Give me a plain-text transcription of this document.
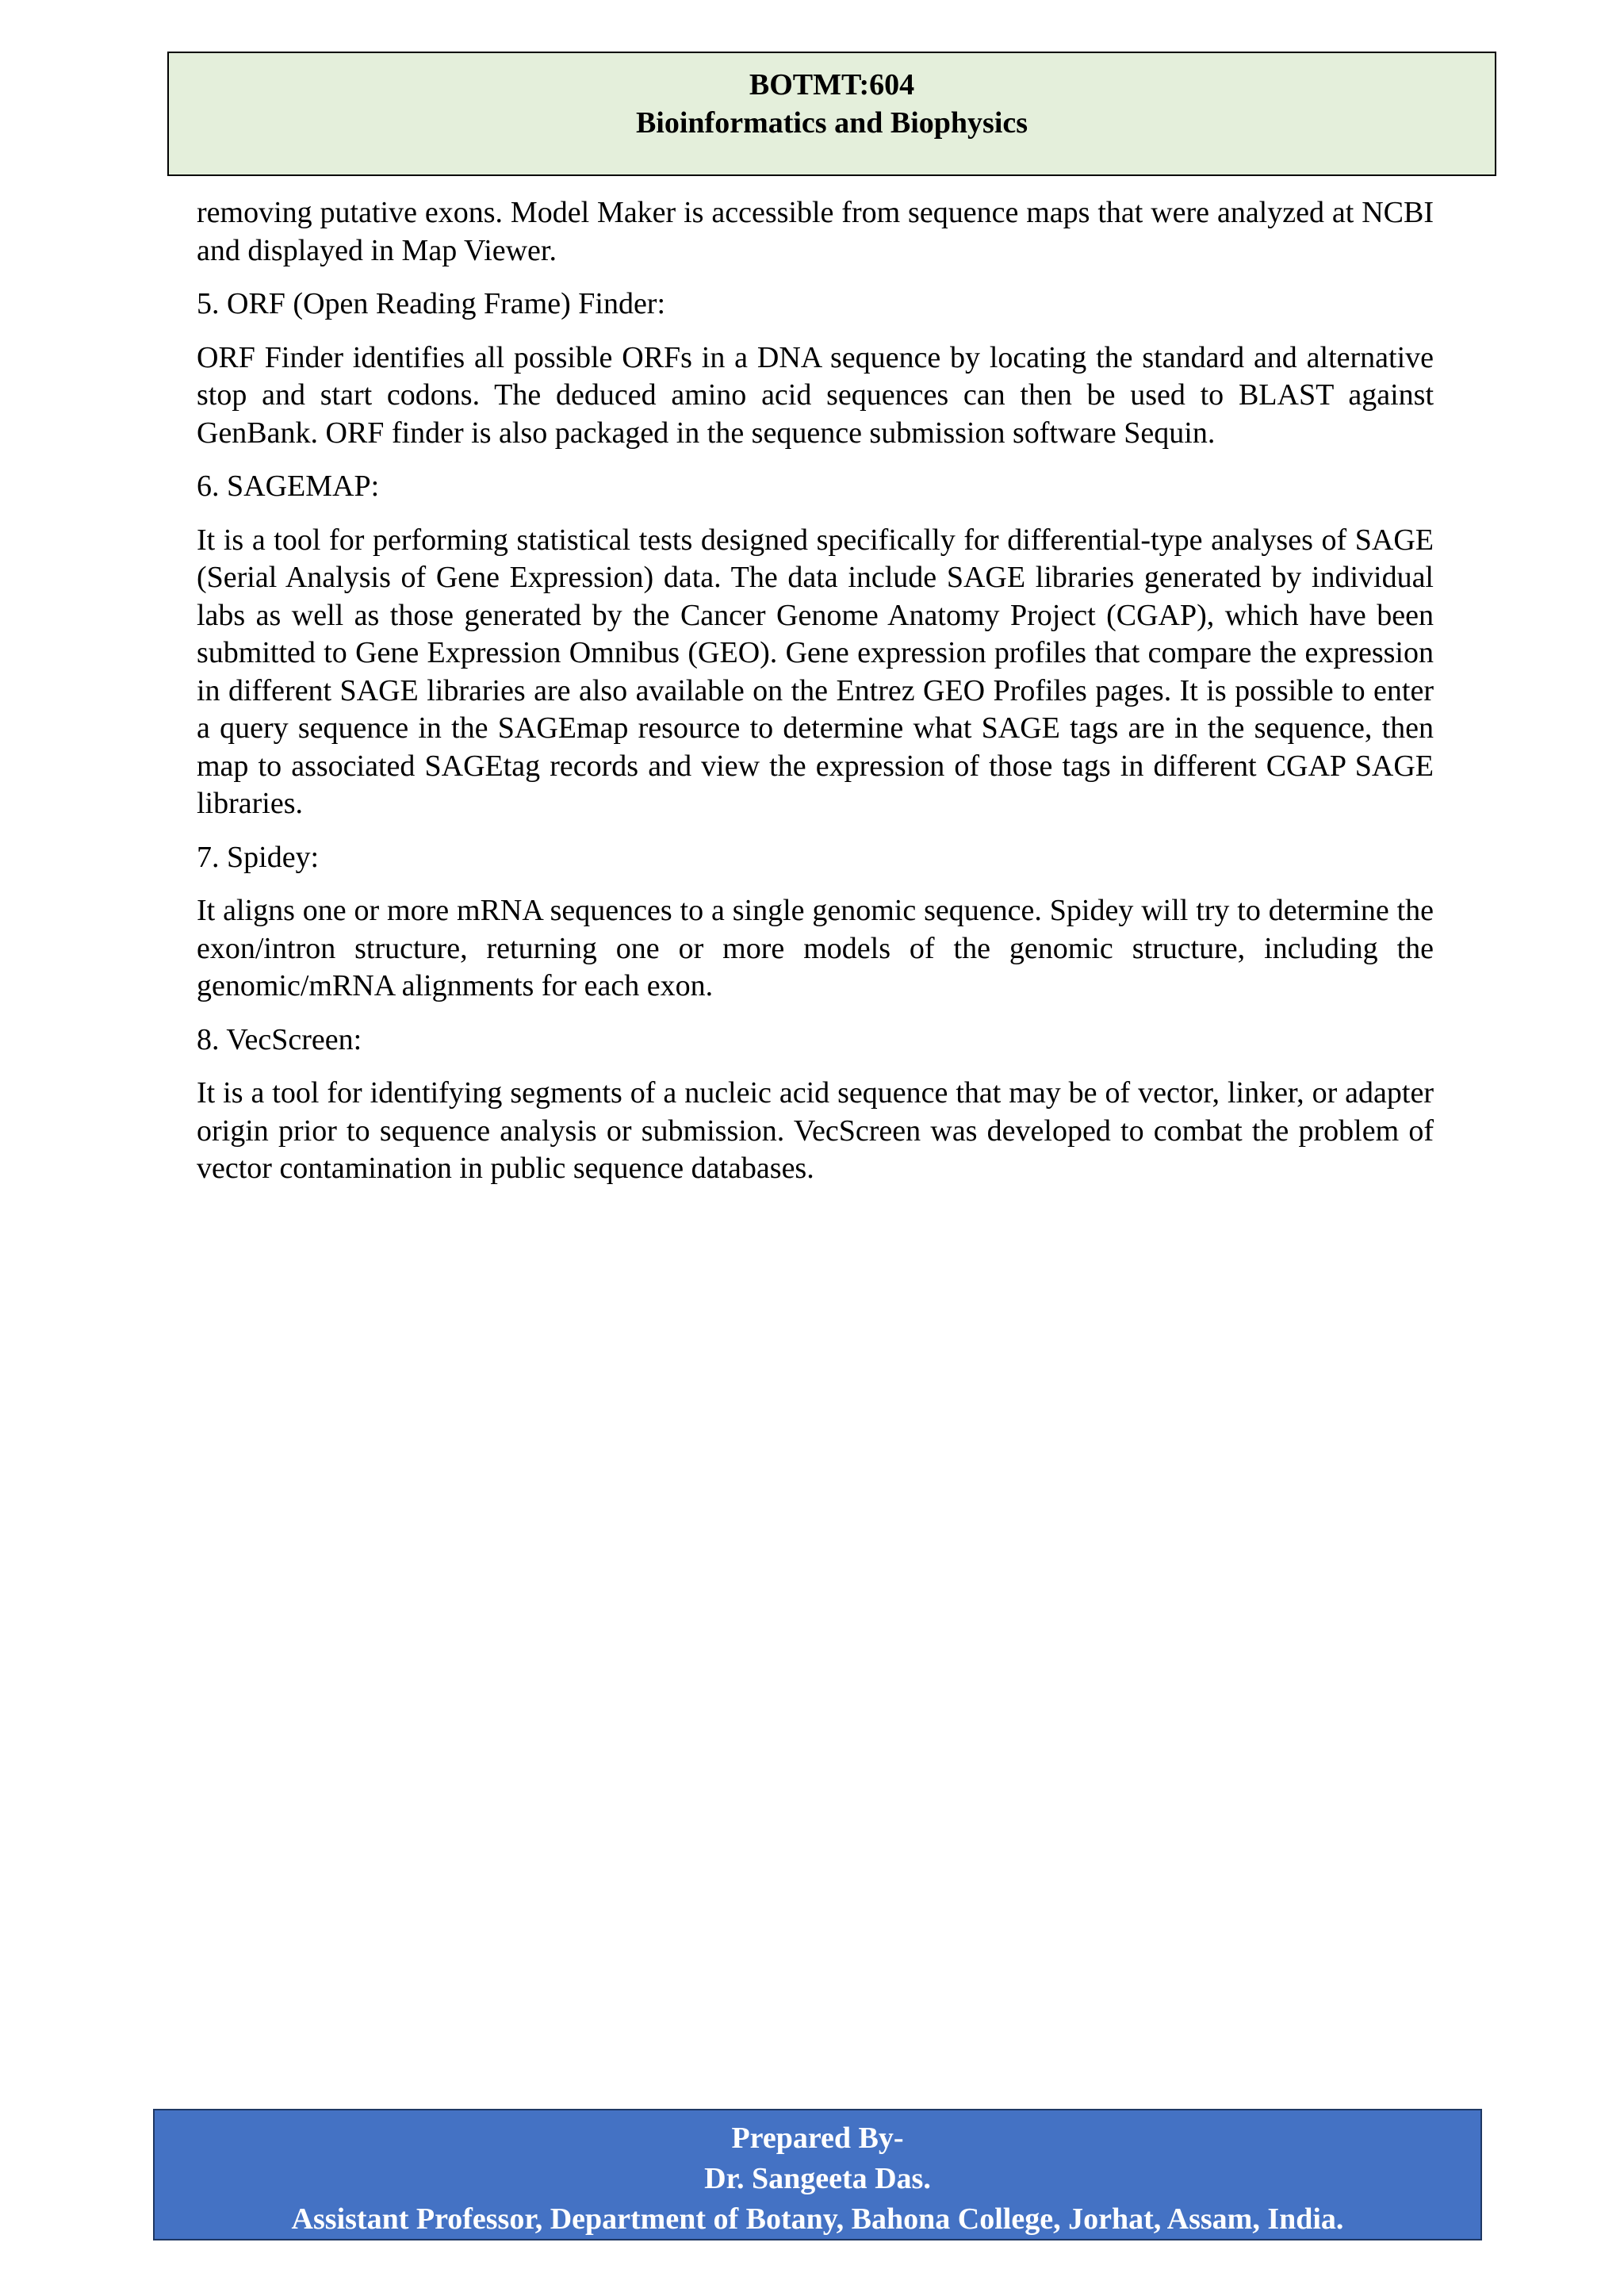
BOTMT:604
Bioinformatics and Biophysics

removing putative exons. Model Maker is accessible from sequence maps that were analyzed at NCBI and displayed in Map Viewer.

5. ORF (Open Reading Frame) Finder:

ORF Finder identifies all possible ORFs in a DNA sequence by locating the standard and alternative stop and start codons. The deduced amino acid sequences can then be used to BLAST against GenBank. ORF finder is also packaged in the sequence submission software Sequin.

6. SAGEMAP:

It is a tool for performing statistical tests designed specifically for differential-type analyses of SAGE (Serial Analysis of Gene Expression) data. The data include SAGE libraries generated by individual labs as well as those generated by the Cancer Genome Anatomy Project (CGAP), which have been submitted to Gene Expression Omnibus (GEO). Gene expression profiles that compare the expression in different SAGE libraries are also available on the Entrez GEO Profiles pages. It is possible to enter a query sequence in the SAGEmap resource to determine what SAGE tags are in the sequence, then map to associated SAGEtag records and view the expression of those tags in different CGAP SAGE libraries.

7. Spidey:

It aligns one or more mRNA sequences to a single genomic sequence. Spidey will try to determine the exon/intron structure, returning one or more models of the genomic structure, including the genomic/mRNA alignments for each exon.

8. VecScreen:

It is a tool for identifying segments of a nucleic acid sequence that may be of vector, linker, or adapter origin prior to sequence analysis or submission. VecScreen was developed to combat the problem of vector contamination in public sequence databases.

Prepared By-
Dr. Sangeeta Das.
Assistant Professor, Department of Botany, Bahona College, Jorhat, Assam, India.
